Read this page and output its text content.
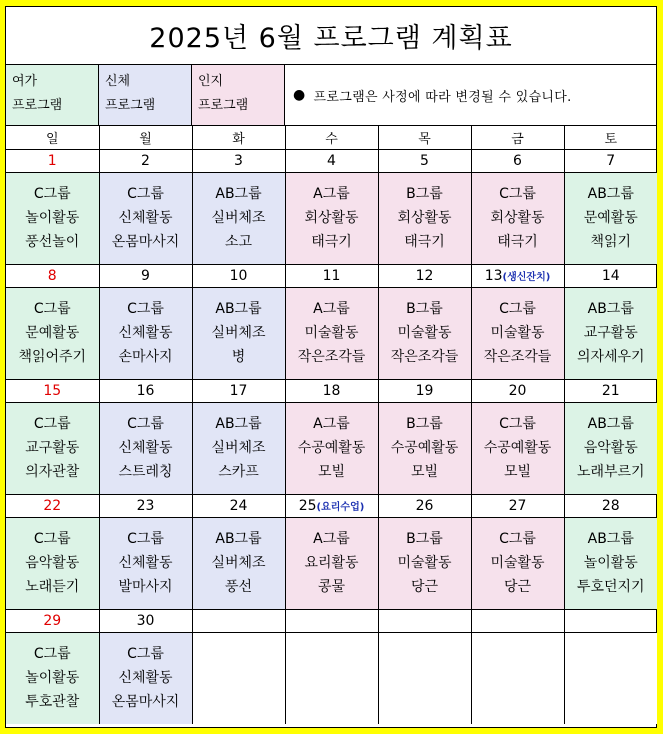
2025년 6월 프로그램 계획표
여가
프로그램
신체
프로그램
인지
프로그램
● 프로그램은 사정에 따라 변경될 수 있습니다.
일	월	화	수	목	금	토
1	2	3	4	5	6	7

C그룹
놀이활동
풍선놀이	C그룹
신체활동
온몸마사지	AB그룹
실버체조
소고	A그룹
회상활동
태극기	B그룹
회상활동
태극기	C그룹
회상활동
태극기	AB그룹
문예활동
책읽기

8	9	10	11	12	13(생신잔치)	14

C그룹
문예활동
책읽어주기	C그룹
신체활동
손마사지	AB그룹
실버체조
병	A그룹
미술활동
작은조각들	B그룹
미술활동
작은조각들	C그룹
미술활동
작은조각들	AB그룹
교구활동
의자세우기

15	16	17	18	19	20	21

C그룹
교구활동
의자관찰	C그룹
신체활동
스트레칭	AB그룹
실버체조
스카프	A그룹
수공예활동
모빌	B그룹
수공예활동
모빌	C그룹
수공예활동
모빌	AB그룹
음악활동
노래부르기

22	23	24	25(요리수업)	26	27	28

C그룹
음악활동
노래듣기	C그룹
신체활동
발마사지	AB그룹
실버체조
풍선	A그룹
요리활동
콩물	B그룹
미술활동
당근	C그룹
미술활동
당근	AB그룹
놀이활동
투호던지기

29	30					

C그룹
놀이활동
투호관찰	C그룹
신체활동
온몸마사지					
